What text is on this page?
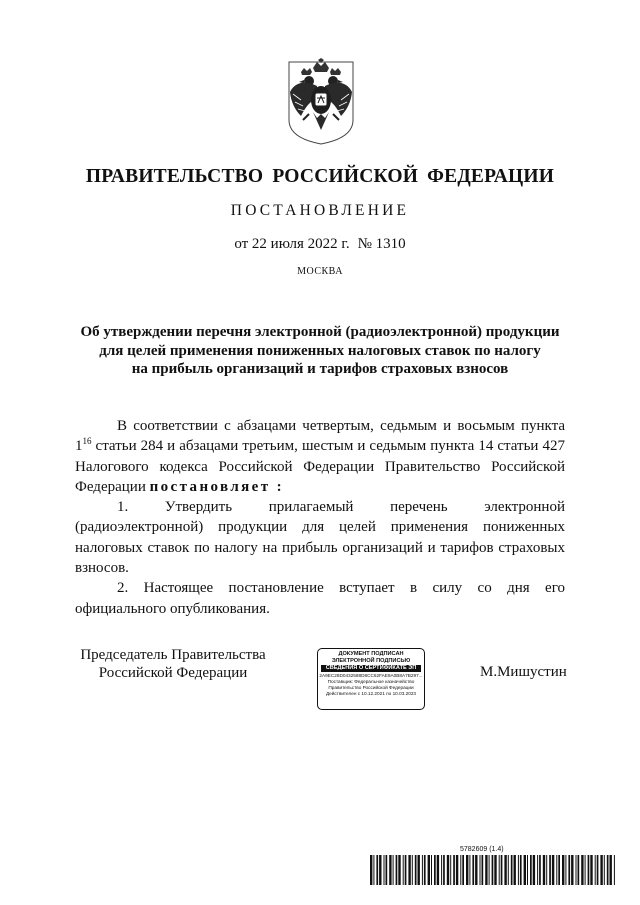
ПРАВИТЕЛЬСТВО РОССИЙСКОЙ ФЕДЕРАЦИИ
ПОСТАНОВЛЕНИЕ
от 22 июля 2022 г. № 1310
МОСКВА
Об утверждении перечня электронной (радиоэлектронной) продукции
для целей применения пониженных налоговых ставок по налогу
на прибыль организаций и тарифов страховых взносов

В соответствии с абзацами четвертым, седьмым и восьмым пункта $1^{16}$ статьи 284 и абзацами третьим, шестым и седьмым пункта 14 статьи 427 Налогового кодекса Российской Федерации Правительство Российской Федерации постановляет :

1. Утвердить прилагаемый перечень электронной (радиоэлектронной) продукции для целей применения пониженных налоговых ставок по налогу на прибыль организаций и тарифов страховых взносов.

2. Настоящее постановление вступает в силу со дня его официального опубликования.

Председатель Правительства
Российской Федерации
ДОКУМЕНТ ПОДПИСАН
ЭЛЕКТРОННОЙ ПОДПИСЬЮ
СВЕДЕНИЯ О СЕРТИФИКАТЕ ЭП
2A9EC28D0432588D8CC62FAE9A0B8A7B297...
Поставщик: Федеральное казначейство
Правительство Российской Федерации
Действителен с 10.12.2021 по 10.03.2023
М.Мишустин
5782609 (1.4)
